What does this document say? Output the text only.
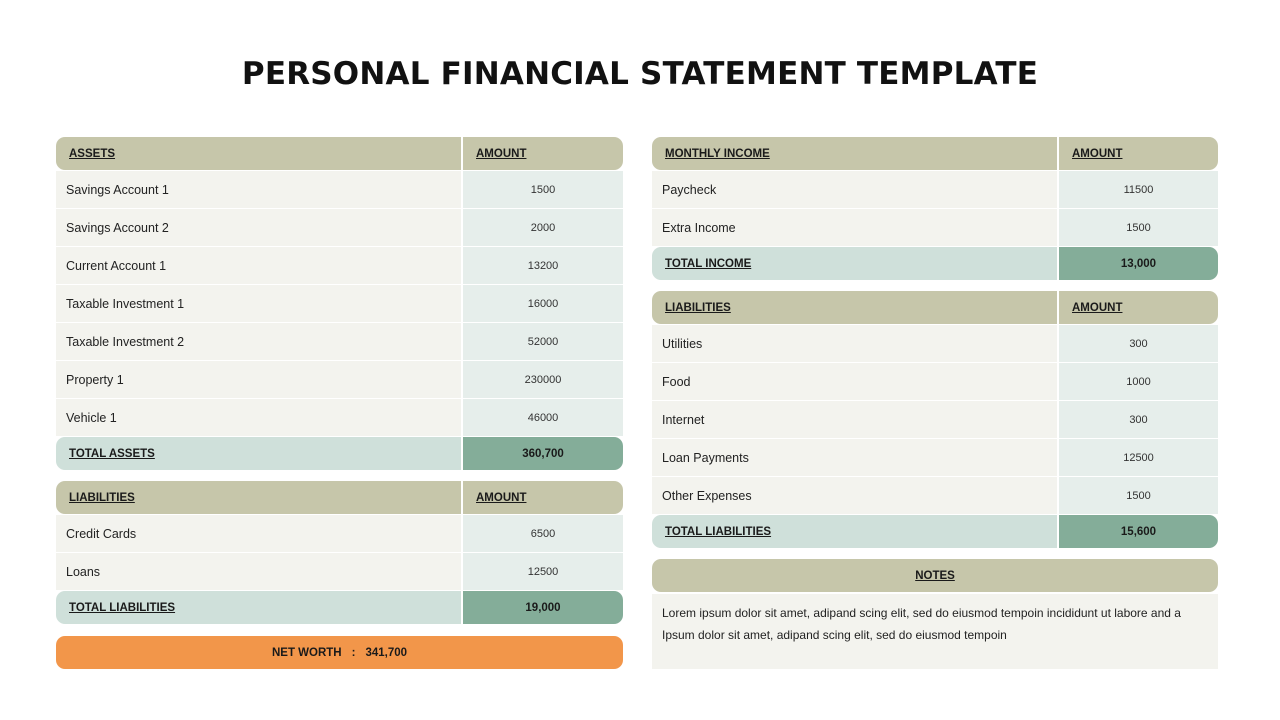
PERSONAL FINANCIAL STATEMENT TEMPLATE
ASSETS	AMOUNT
Savings Account 1	1500
Savings Account 2	2000
Current Account 1	13200
Taxable Investment 1	16000
Taxable Investment 2	52000
Property 1	230000
Vehicle 1	46000
TOTAL ASSETS	360,700
LIABILITIES	AMOUNT
Credit Cards	6500
Loans	12500
TOTAL LIABILITIES	19,000
NET WORTH : 341,700
MONTHLY INCOME	AMOUNT
Paycheck	11500
Extra Income	1500
TOTAL INCOME	13,000
LIABILITIES	AMOUNT
Utilities	300
Food	1000
Internet	300
Loan Payments	12500
Other Expenses	1500
TOTAL LIABILITIES	15,600
NOTES

Lorem ipsum dolor sit amet, adipand scing elit, sed do eiusmod tempoin incididunt ut labore and a

Ipsum dolor sit amet, adipand scing elit, sed do eiusmod tempoin
